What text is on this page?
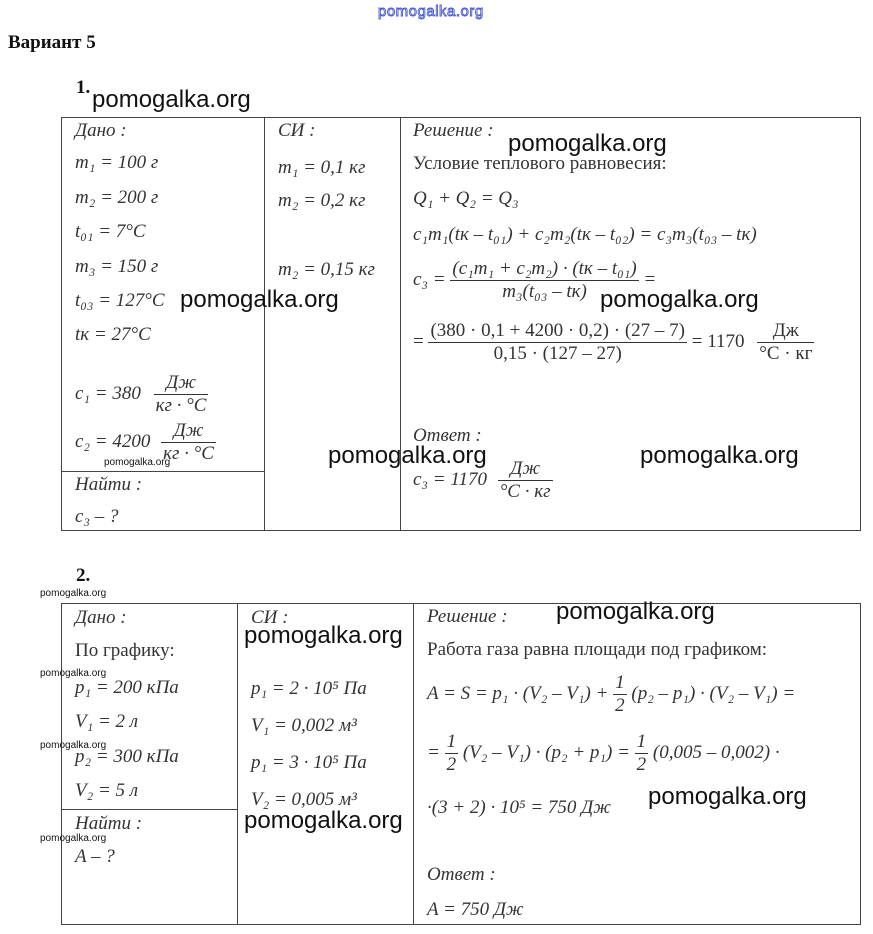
pomogalka.org
Вариант 5
1. pomogalka.org
Дано :
m₁ = 100 г
m₂ = 200 г
t₀₁ = 7°C
m₃ = 150 г
t₀₃ = 127°C
tк = 27°C
$c_1 = 380 \frac{Дж}{кг \cdot ^\circ C}$
$c_2 = 4200 \frac{Дж}{кг \cdot ^\circ C}$
pomogalka.org
Найти :
c₃ – ?
СИ :
m₁ = 0,1 кг
m₂ = 0,2 кг
m₂ = 0,15 кг
pomogalka.org
Решение : pomogalka.org
Условие теплового равновесия:
Q₁ + Q₂ = Q₃
c₁m₁(tк – t₀₁) + c₂m₂(tк – t₀₂) = c₃m₃(t₀₃ – tк)
$c_3 = \frac{\text{(c₁m₁ + c₂m₂) · (tк – t₀₁)}}{\text{m₃(t₀₃ – tк)}}$ =
pomogalka.org
= $\frac{(380 \cdot 0,1 + 4200 \cdot 0,2) \cdot (27 - 7)}{0,15 \cdot (127 - 27)} = 1170 \frac{Дж}{^\circ C \cdot кг}$
Ответ :
pomogalka.org	pomogalka.org
$c_3 = 1170 \frac{Дж}{^\circ C \cdot кг}$
2.
pomogalka.org
Дано :
По графику:
pomogalka.org
p₁ = 200 кПа
V₁ = 2 л
pomogalka.org
p₂ = 300 кПа
V₂ = 5 л
Найти :
pomogalka.org
A – ?
СИ :
pomogalka.org
p₁ = 2 · 10⁵ Па
V₁ = 0,002 м³
p₁ = 3 · 10⁵ Па
V₂ = 0,005 м³
pomogalka.org
Решение : pomogalka.org
Работа газа равна площади под графиком:
$A = S = p_1 \cdot (V_2 - V_1) + \frac{1}{2} (p_2 - p_1) \cdot (V_2 - V_1)$ =
= $\frac{1}{2} (V_2 - V_1) \cdot (p_2 + p_1) = \frac{1}{2} (0,005 - 0,002)$ ·
·(3 + 2) · 10⁵ = 750 Дж pomogalka.org
Ответ :
A = 750 Дж
